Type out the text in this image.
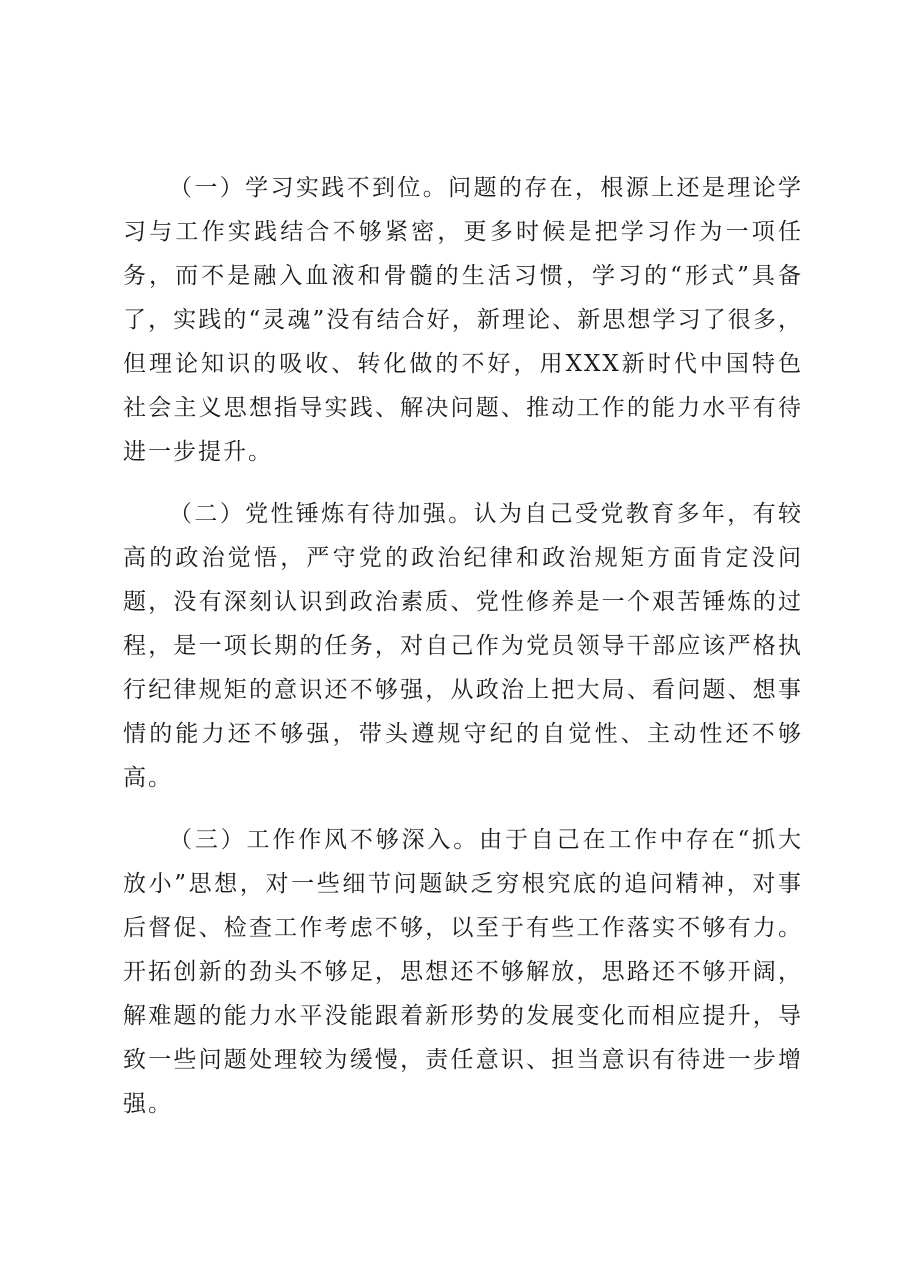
（一）学习实践不到位。问题的存在，根源上还是理论学习与工作实践结合不够紧密，更多时候是把学习作为一项任务，而不是融入血液和骨髓的生活习惯，学习的“形式”具备了，实践的“灵魂”没有结合好，新理论、新思想学习了很多，但理论知识的吸收、转化做的不好，用XXX新时代中国特色社会主义思想指导实践、解决问题、推动工作的能力水平有待进一步提升。

（二）党性锤炼有待加强。认为自己受党教育多年，有较高的政治觉悟，严守党的政治纪律和政治规矩方面肯定没问题，没有深刻认识到政治素质、党性修养是一个艰苦锤炼的过程，是一项长期的任务，对自己作为党员领导干部应该严格执行纪律规矩的意识还不够强，从政治上把大局、看问题、想事情的能力还不够强，带头遵规守纪的自觉性、主动性还不够高。

（三）工作作风不够深入。由于自己在工作中存在“抓大放小”思想，对一些细节问题缺乏穷根究底的追问精神，对事后督促、检查工作考虑不够，以至于有些工作落实不够有力。开拓创新的劲头不够足，思想还不够解放，思路还不够开阔，解难题的能力水平没能跟着新形势的发展变化而相应提升，导致一些问题处理较为缓慢，责任意识、担当意识有待进一步增强。
